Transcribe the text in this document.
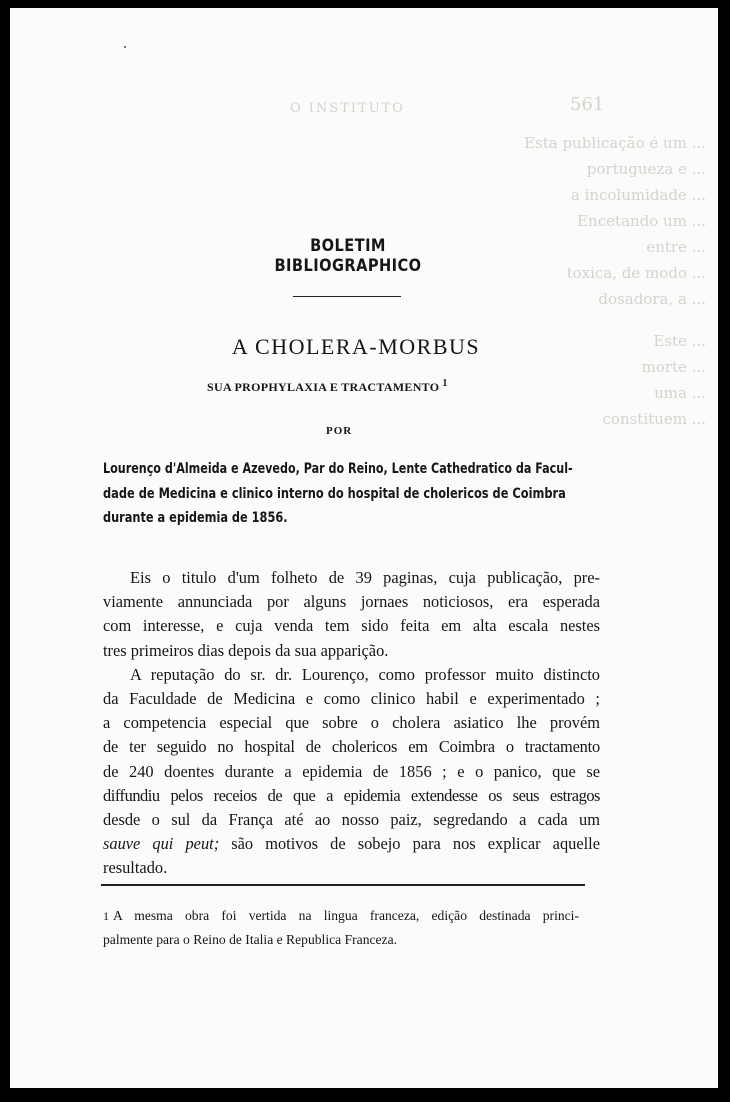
O INSTITUTO	561
Esta publicação é um ...
portugueza e ...
a incolumidade ...
Encetando um ...
entre ...
toxica, de modo ...
dosadora, a ...
Este ...
morte ...
uma ...
constituem ...
BOLETIM BIBLIOGRAPHICO
A CHOLERA-MORBUS
SUA PROPHYLAXIA E TRACTAMENTO $^1$
POR
Lourenço d'Almeida e Azevedo, Par do Reino, Lente Cathedratico da Facul-
dade de Medicina e clinico interno do hospital de cholericos de Coimbra
durante a epidemia de 1856.
Eis o titulo d'um folheto de 39 paginas, cuja publicação, pre-
viamente annunciada por alguns jornaes noticiosos, era esperada
com interesse, e cuja venda tem sido feita em alta escala nestes
tres primeiros dias depois da sua apparição.
A reputação do sr. dr. Lourenço, como professor muito distincto
da Faculdade de Medicina e como clinico habil e experimentado ;
a competencia especial que sobre o cholera asiatico lhe provém
de ter seguido no hospital de cholericos em Coimbra o tractamento
de 240 doentes durante a epidemia de 1856 ; e o panico, que se
diffundiu pelos receios de que a epidemia extendesse os seus estragos
desde o sul da França até ao nosso paiz, segredando a cada um
sauve qui peut; são motivos de sobejo para nos explicar aquelle
resultado.
1 A mesma obra foi vertida na lingua franceza, edição destinada princi-
palmente para o Reino de Italia e Republica Franceza.
